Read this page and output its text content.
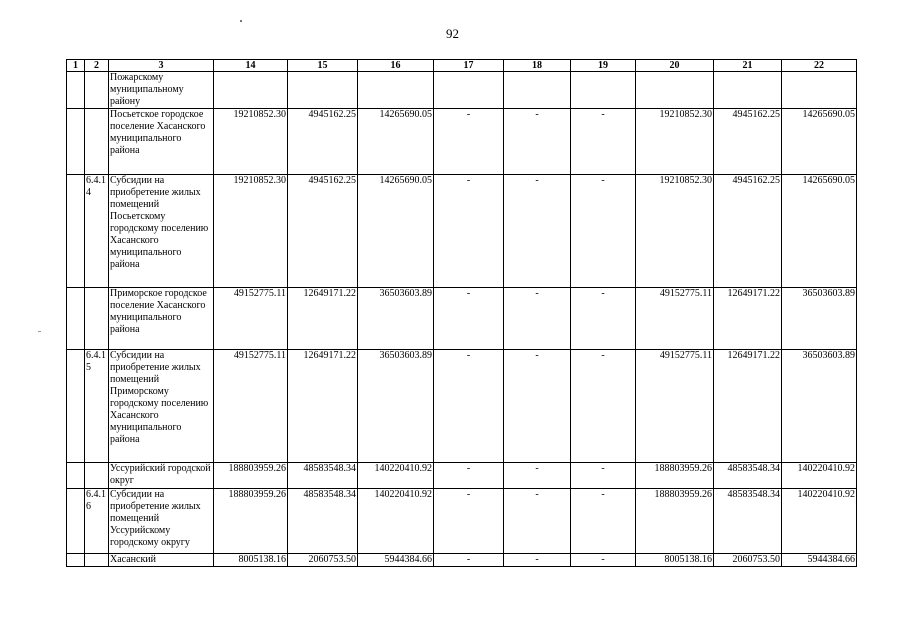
92
1	2	3	14	15	16	17	18	19	20	21	22
		Пожарскому муниципальному району									
		Посьетское городское поселение Хасанского муниципального района	19210852.30	4945162.25	14265690.05	-	-	-	19210852.30	4945162.25	14265690.05
	6.4.1 4	Субсидии на приобретение жилых помещений Посьетскому городскому поселению Хасанского муниципального района	19210852.30	4945162.25	14265690.05	-	-	-	19210852.30	4945162.25	14265690.05
		Приморское городское поселение Хасанского муниципального района	49152775.11	12649171.22	36503603.89	-	-	-	49152775.11	12649171.22	36503603.89
	6.4.1 5	Субсидии на приобретение жилых помещений Приморскому городскому поселению Хасанского муниципального района	49152775.11	12649171.22	36503603.89	-	-	-	49152775.11	12649171.22	36503603.89
		Уссурийский городской округ	188803959.26	48583548.34	140220410.92	-	-	-	188803959.26	48583548.34	140220410.92
	6.4.1 6	Субсидии на приобретение жилых помещений Уссурийскому городскому округу	188803959.26	48583548.34	140220410.92	-	-	-	188803959.26	48583548.34	140220410.92
		Хасанский	8005138.16	2060753.50	5944384.66	-	-	-	8005138.16	2060753.50	5944384.66
